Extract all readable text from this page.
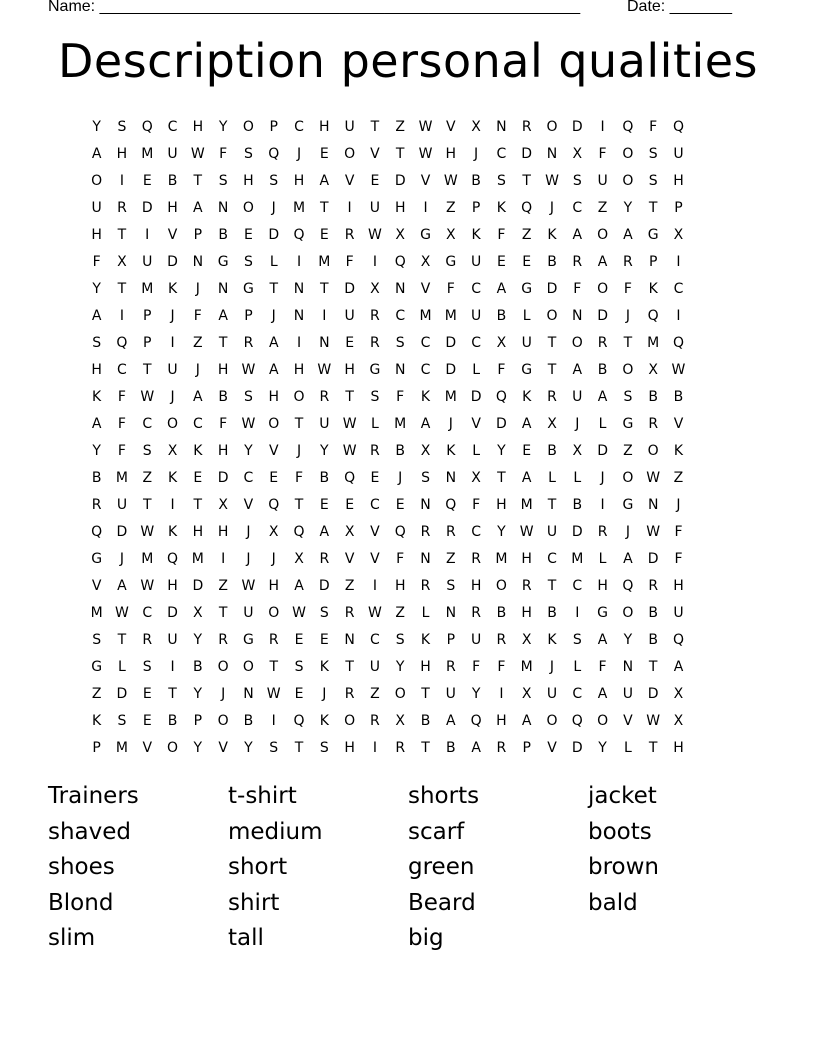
Name: ______________________________________________________	Date: _______
Description personal qualities
Y	S	Q	C	H	Y	O	P	C	H	U	T	Z W V	X	N	R	O	D	I	Q	F	Q
A	H M	U W	F	S	Q	J	E	O	V	T	W H	J	C	D	N	X	F	O	S	U
O	I	E	B	T	S	H	S	H	A	V	E	D	V W B	S	T	W S	U	O	S	H
U	R	D	H	A	N	O	J	M	T	I	U	H	I	Z	P	K	Q	J	C	Z	Y	T	P
H	T	I	V	P	B	E	D	Q	E	R W X	G	X	K	F	Z	K	A	O	A	G	X
F	X	U	D	N	G	S	L	I	M	F	I	Q	X	G	U	E	E	B	R	A	R	P	I
Y	T	M	K	J	N	G	T	N	T	D	X	N	V	F	C	A	G	D	F	O	F	K	C
A	I	P	J	F	A	P	J	N	I	U	R	C	M M	U	B	L	O	N	D	J	Q	I
S	Q	P	I	Z	T	R	A	I	N	E	R	S	C	D	C	X	U	T	O	R	T	M Q
H	C	T	U	J	H W A	H W H	G	N	C	D	L	F	G	T	A	B	O	X W
K	F	W	J	A	B	S	H	O	R	T	S	F	K	M D	Q	K	R	U	A	S	B	B
A	F	C	O	C	F	W O	T	U W	L	M	A	J	V	D	A	X	J	L	G	R	V
Y	F	S	X	K	H	Y	V	J	Y	W R	B	X	K	L	Y	E	B	X	D	Z	O	K
B	M	Z	K	E	D	C	E	F	B	Q	E	J	S	N	X	T	A	L	L	J	O W Z
R	U	T	I	T	X	V	Q	T	E	E	C	E	N	Q	F	H M	T	B	I	G	N	J
Q	D W K	H	H	J	X	Q	A	X	V	Q	R	R	C	Y	W U	D	R	J	W	F
G	J	M Q M	I	J	J	X	R	V	V	F	N	Z	R	M H	C	M	L	A	D	F
V	A W H	D	Z W H	A	D	Z	I	H	R	S	H	O	R	T	C	H	Q	R	H
M W C	D	X	T	U	O W S	R W Z	L	N	R	B	H	B	I	G	O	B	U
S	T	R	U	Y	R	G	R	E	E	N	C	S	K	P	U	R	X	K	S	A	Y	B	Q
G	L	S	I	B	O	O	T	S	K	T	U	Y	H	R	F	F	M	J	L	F	N	T	A
Z	D	E	T	Y	J	N W E	J	R	Z	O	T	U	Y	I	X	U	C	A	U	D	X
K	S	E	B	P	O	B	I	Q	K	O	R	X	B	A	Q	H	A	O	Q	O	V W X
P	M	V	O	Y	V	Y	S	T	S	H	I	R	T	B	A	R	P	V	D	Y	L	T	H
Trainers	t-shirt	shorts	jacket
shaved	medium	scarf	boots
shoes	short	green	brown
Blond	shirt	Beard	bald
slim	tall	big
